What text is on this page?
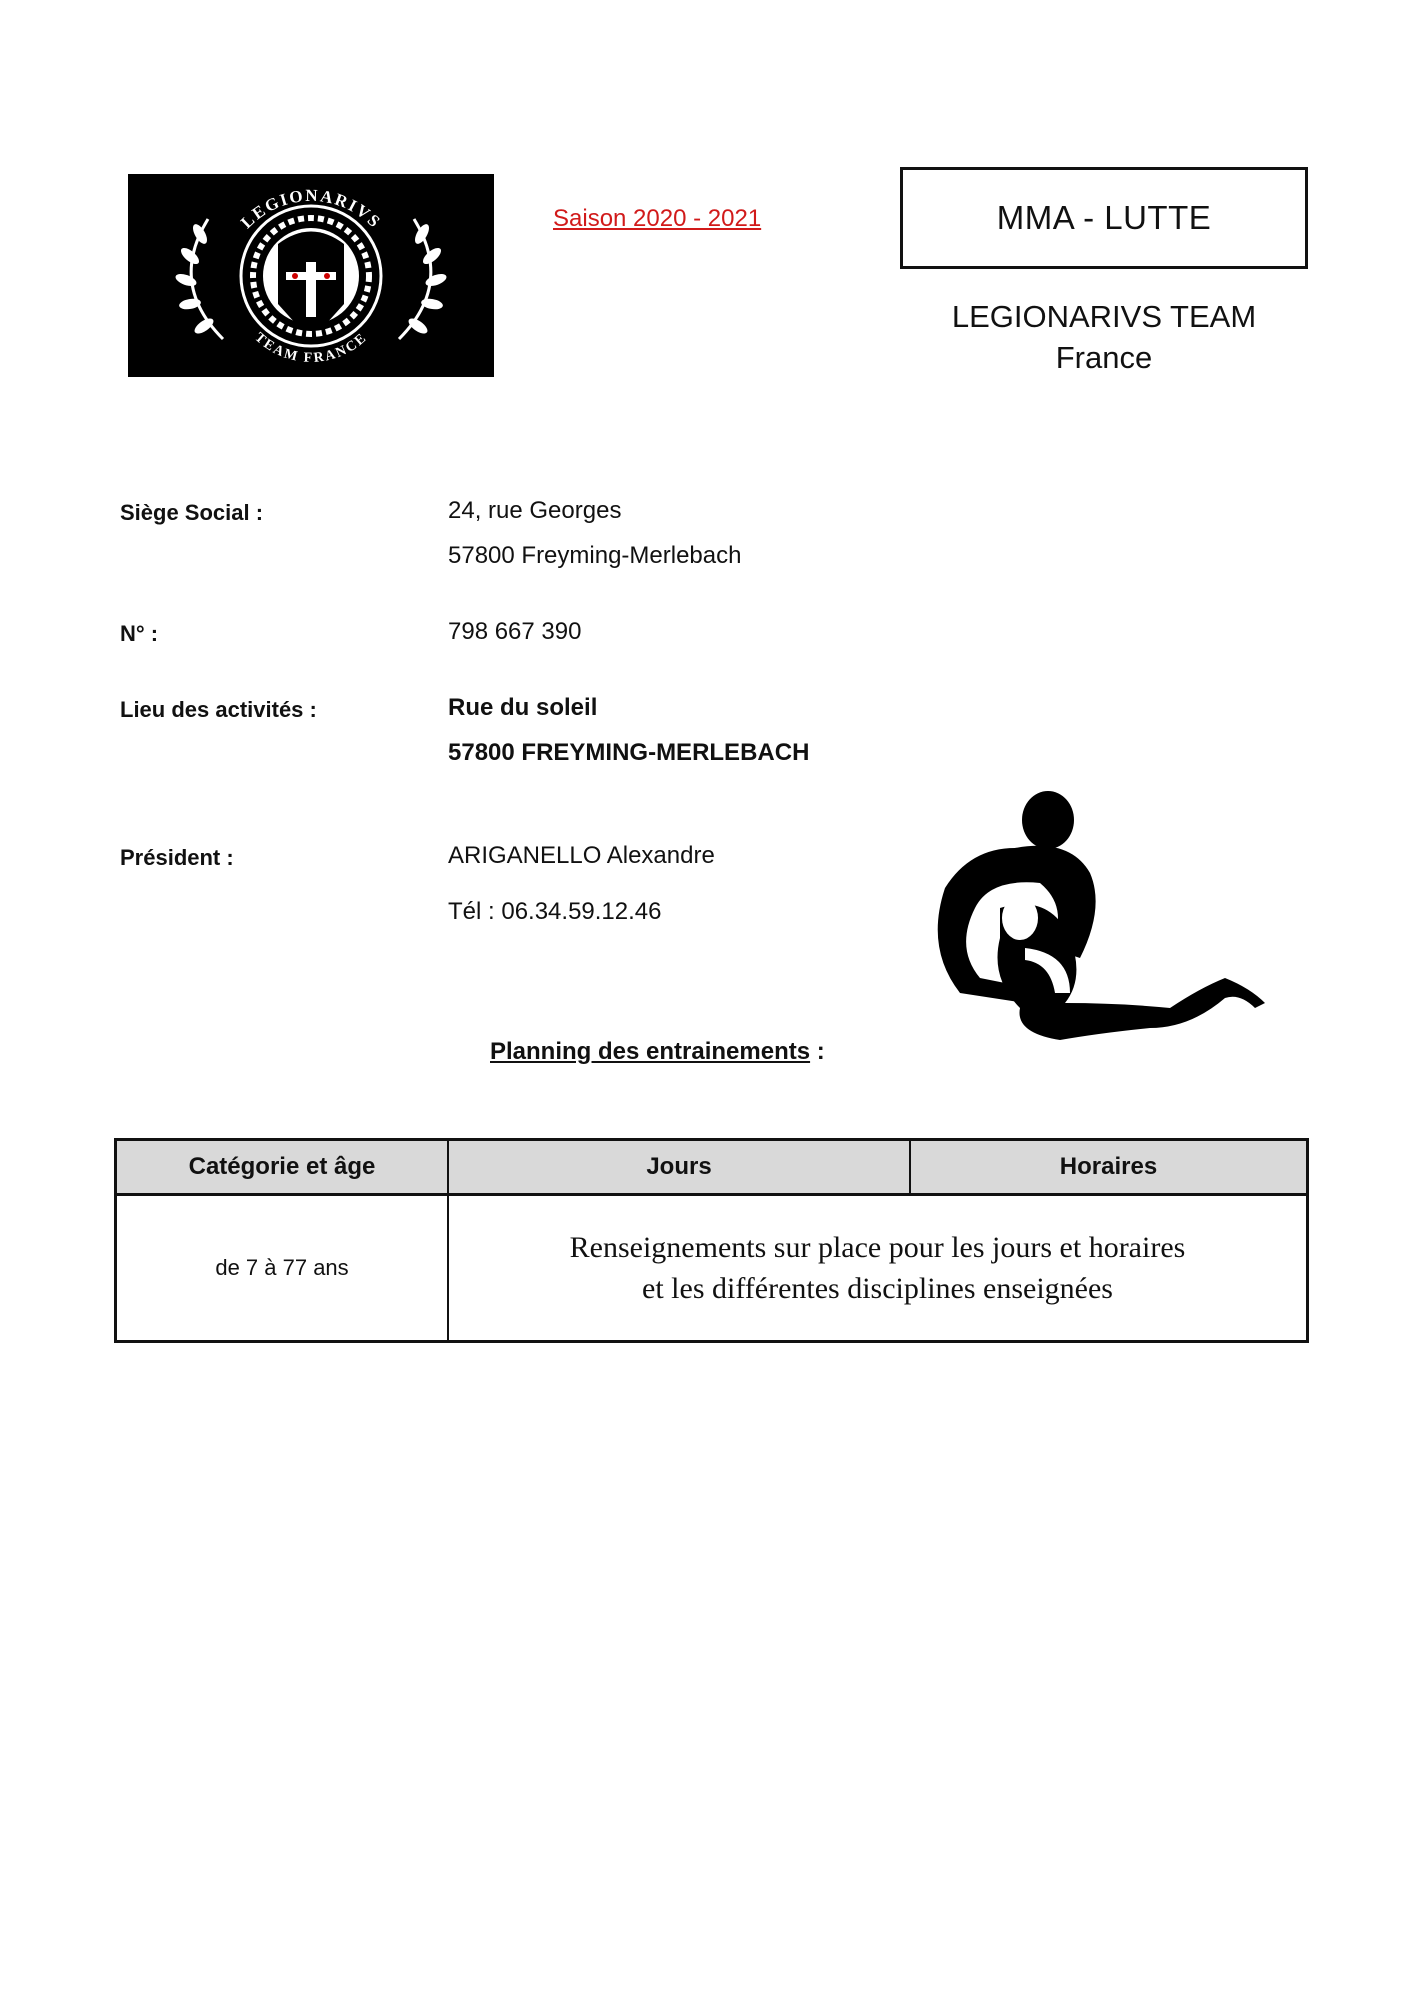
LEGIONARIVS
TEAM FRANCE
Saison 2020 - 2021	MMA - LUTTE
LEGIONARIVS TEAM
France
Siège Social :	24, rue Georges
57800 Freyming-Merlebach
N° :	798 667 390
Lieu des activités :	Rue du soleil
57800 FREYMING-MERLEBACH
Président :	ARIGANELLO Alexandre
Tél : 06.34.59.12.46
Planning des entrainements :
Catégorie et âge	Jours	Horaires
de 7 à 77 ans	Renseignements sur place pour les jours et horaires
et les différentes disciplines enseignées	
